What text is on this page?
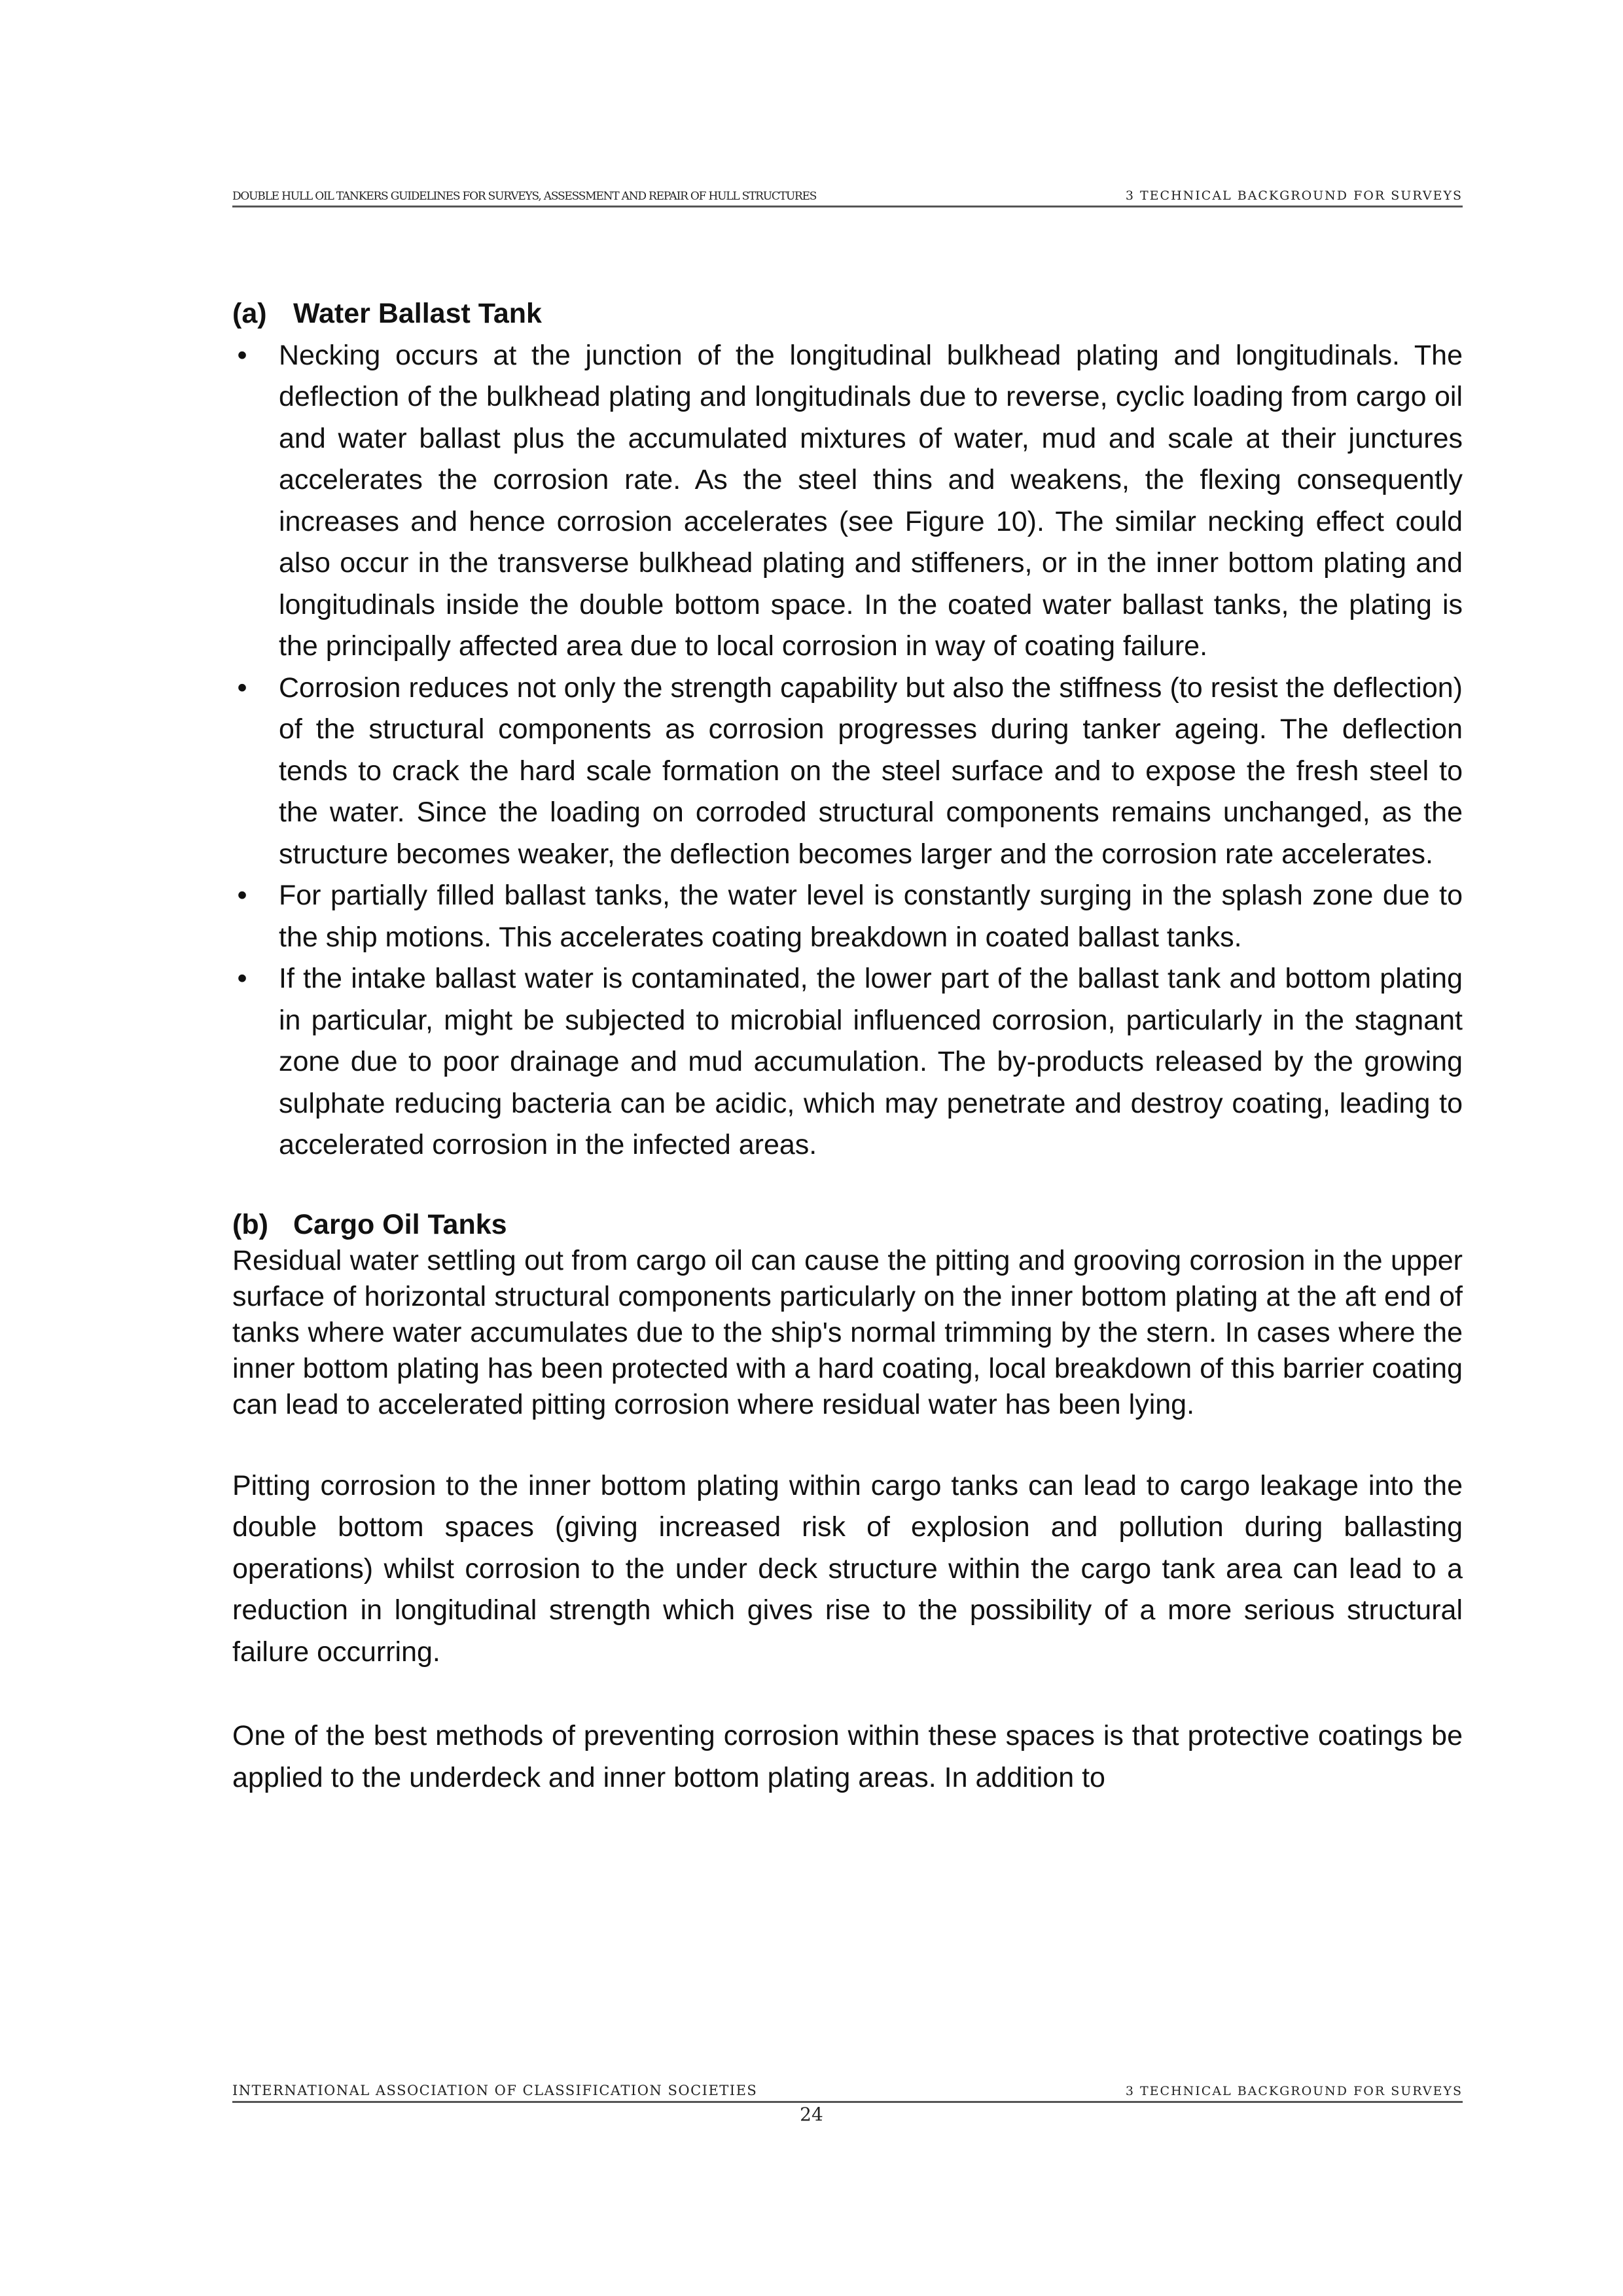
DOUBLE HULL OIL TANKERS GUIDELINES FOR SURVEYS, ASSESSMENT AND REPAIR OF HULL STRUCTURES	3 TECHNICAL BACKGROUND FOR SURVEYS
(a) Water Ballast Tank
• Necking occurs at the junction of the longitudinal bulkhead plating and longitudinals. The deflection of the bulkhead plating and longitudinals due to reverse, cyclic loading from cargo oil and water ballast plus the accumulated mixtures of water, mud and scale at their junctures accelerates the corrosion rate. As the steel thins and weakens, the flexing consequently increases and hence corrosion accelerates (see Figure 10). The similar necking effect could also occur in the transverse bulkhead plating and stiffeners, or in the inner bottom plating and longitudinals inside the double bottom space. In the coated water ballast tanks, the plating is the principally affected area due to local corrosion in way of coating failure.
• Corrosion reduces not only the strength capability but also the stiffness (to resist the deflection) of the structural components as corrosion progresses during tanker ageing. The deflection tends to crack the hard scale formation on the steel surface and to expose the fresh steel to the water. Since the loading on corroded structural components remains unchanged, as the structure becomes weaker, the deflection becomes larger and the corrosion rate accelerates.
• For partially filled ballast tanks, the water level is constantly surging in the splash zone due to the ship motions. This accelerates coating breakdown in coated ballast tanks.
• If the intake ballast water is contaminated, the lower part of the ballast tank and bottom plating in particular, might be subjected to microbial influenced corrosion, particularly in the stagnant zone due to poor drainage and mud accumulation. The by-products released by the growing sulphate reducing bacteria can be acidic, which may penetrate and destroy coating, leading to accelerated corrosion in the infected areas.
(b) Cargo Oil Tanks

Residual water settling out from cargo oil can cause the pitting and grooving corrosion in the upper surface of horizontal structural components particularly on the inner bottom plating at the aft end of tanks where water accumulates due to the ship's normal trimming by the stern. In cases where the inner bottom plating has been protected with a hard coating, local breakdown of this barrier coating can lead to accelerated pitting corrosion where residual water has been lying.

Pitting corrosion to the inner bottom plating within cargo tanks can lead to cargo leakage into the double bottom spaces (giving increased risk of explosion and pollution during ballasting operations) whilst corrosion to the under deck structure within the cargo tank area can lead to a reduction in longitudinal strength which gives rise to the possibility of a more serious structural failure occurring.

One of the best methods of preventing corrosion within these spaces is that protective coatings be applied to the underdeck and inner bottom plating areas. In addition to

INTERNATIONAL ASSOCIATION OF CLASSIFICATION SOCIETIES	3 TECHNICAL BACKGROUND FOR SURVEYS
24
